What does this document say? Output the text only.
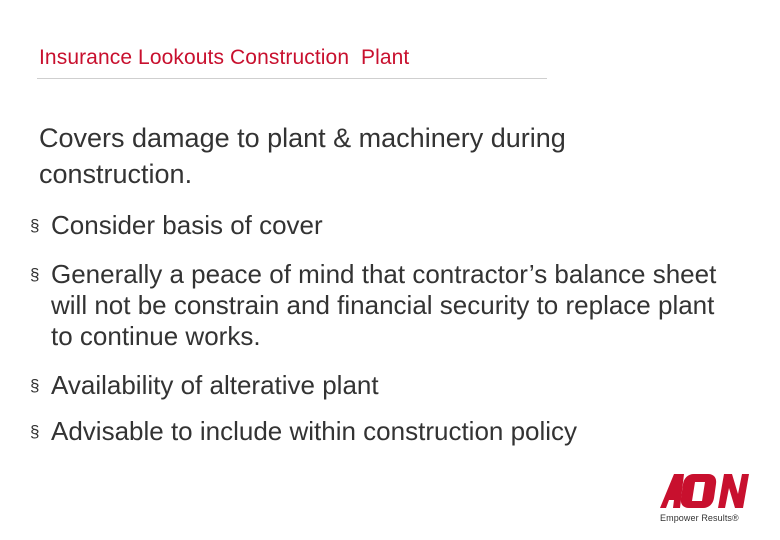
Insurance Lookouts Construction  Plant
Covers damage to plant & machinery during construction.
§ Consider basis of cover
§ Generally a peace of mind that contractor’s balance sheet will not be constrain and financial security to replace plant to continue works.
§ Availability of alterative plant
§ Advisable to include within construction policy
Empower Results®
